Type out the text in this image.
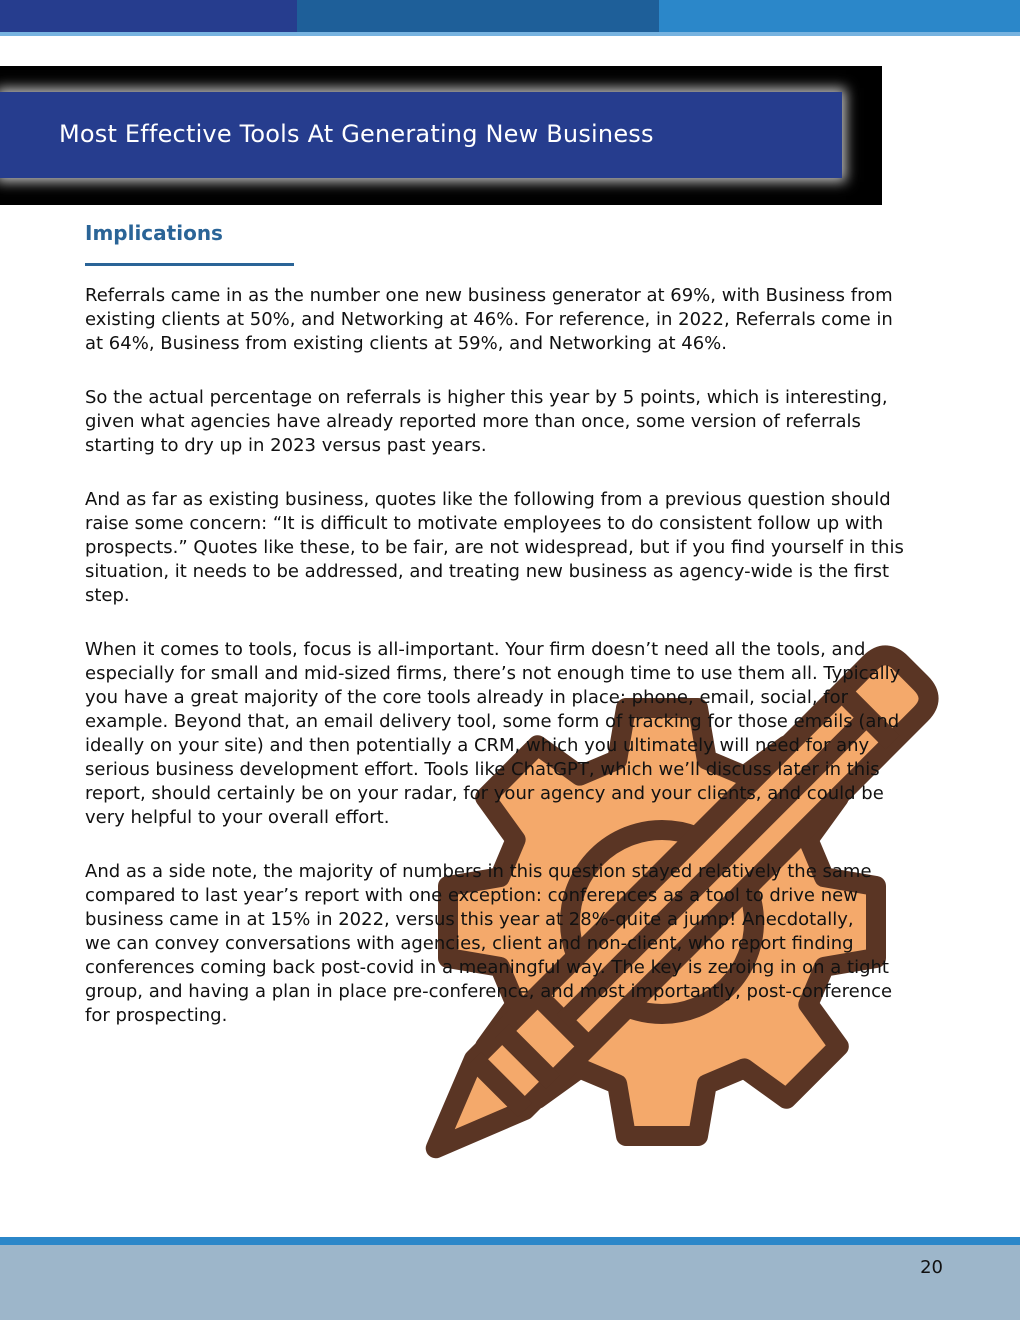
Most Effective Tools At Generating New Business
Implications

Referrals came in as the number one new business generator at 69%, with Business from
existing clients at 50%, and Networking at 46%. For reference, in 2022, Referrals come in
at 64%, Business from existing clients at 59%, and Networking at 46%.

So the actual percentage on referrals is higher this year by 5 points, which is interesting,
given what agencies have already reported more than once, some version of referrals
starting to dry up in 2023 versus past years.

And as far as existing business, quotes like the following from a previous question should
raise some concern: “It is difficult to motivate employees to do consistent follow up with
prospects.” Quotes like these, to be fair, are not widespread, but if you find yourself in this
situation, it needs to be addressed, and treating new business as agency-wide is the first
step.

When it comes to tools, focus is all-important. Your firm doesn’t need all the tools, and
especially for small and mid-sized firms, there’s not enough time to use them all. Typically
you have a great majority of the core tools already in place: phone, email, social, for
example. Beyond that, an email delivery tool, some form of tracking for those emails (and
ideally on your site) and then potentially a CRM, which you ultimately will need for any
serious business development effort. Tools like ChatGPT, which we’ll discuss later in this
report, should certainly be on your radar, for your agency and your clients, and could be
very helpful to your overall effort.

And as a side note, the majority of numbers in this question stayed relatively the same
compared to last year’s report with one exception: conferences as a tool to drive new
business came in at 15% in 2022, versus this year at 28%-quite a jump! Anecdotally,
we can convey conversations with agencies, client and non-client, who report finding
conferences coming back post-covid in a meaningful way. The key is zeroing in on a tight
group, and having a plan in place pre-conference, and most importantly, post-conference
for prospecting.

20
